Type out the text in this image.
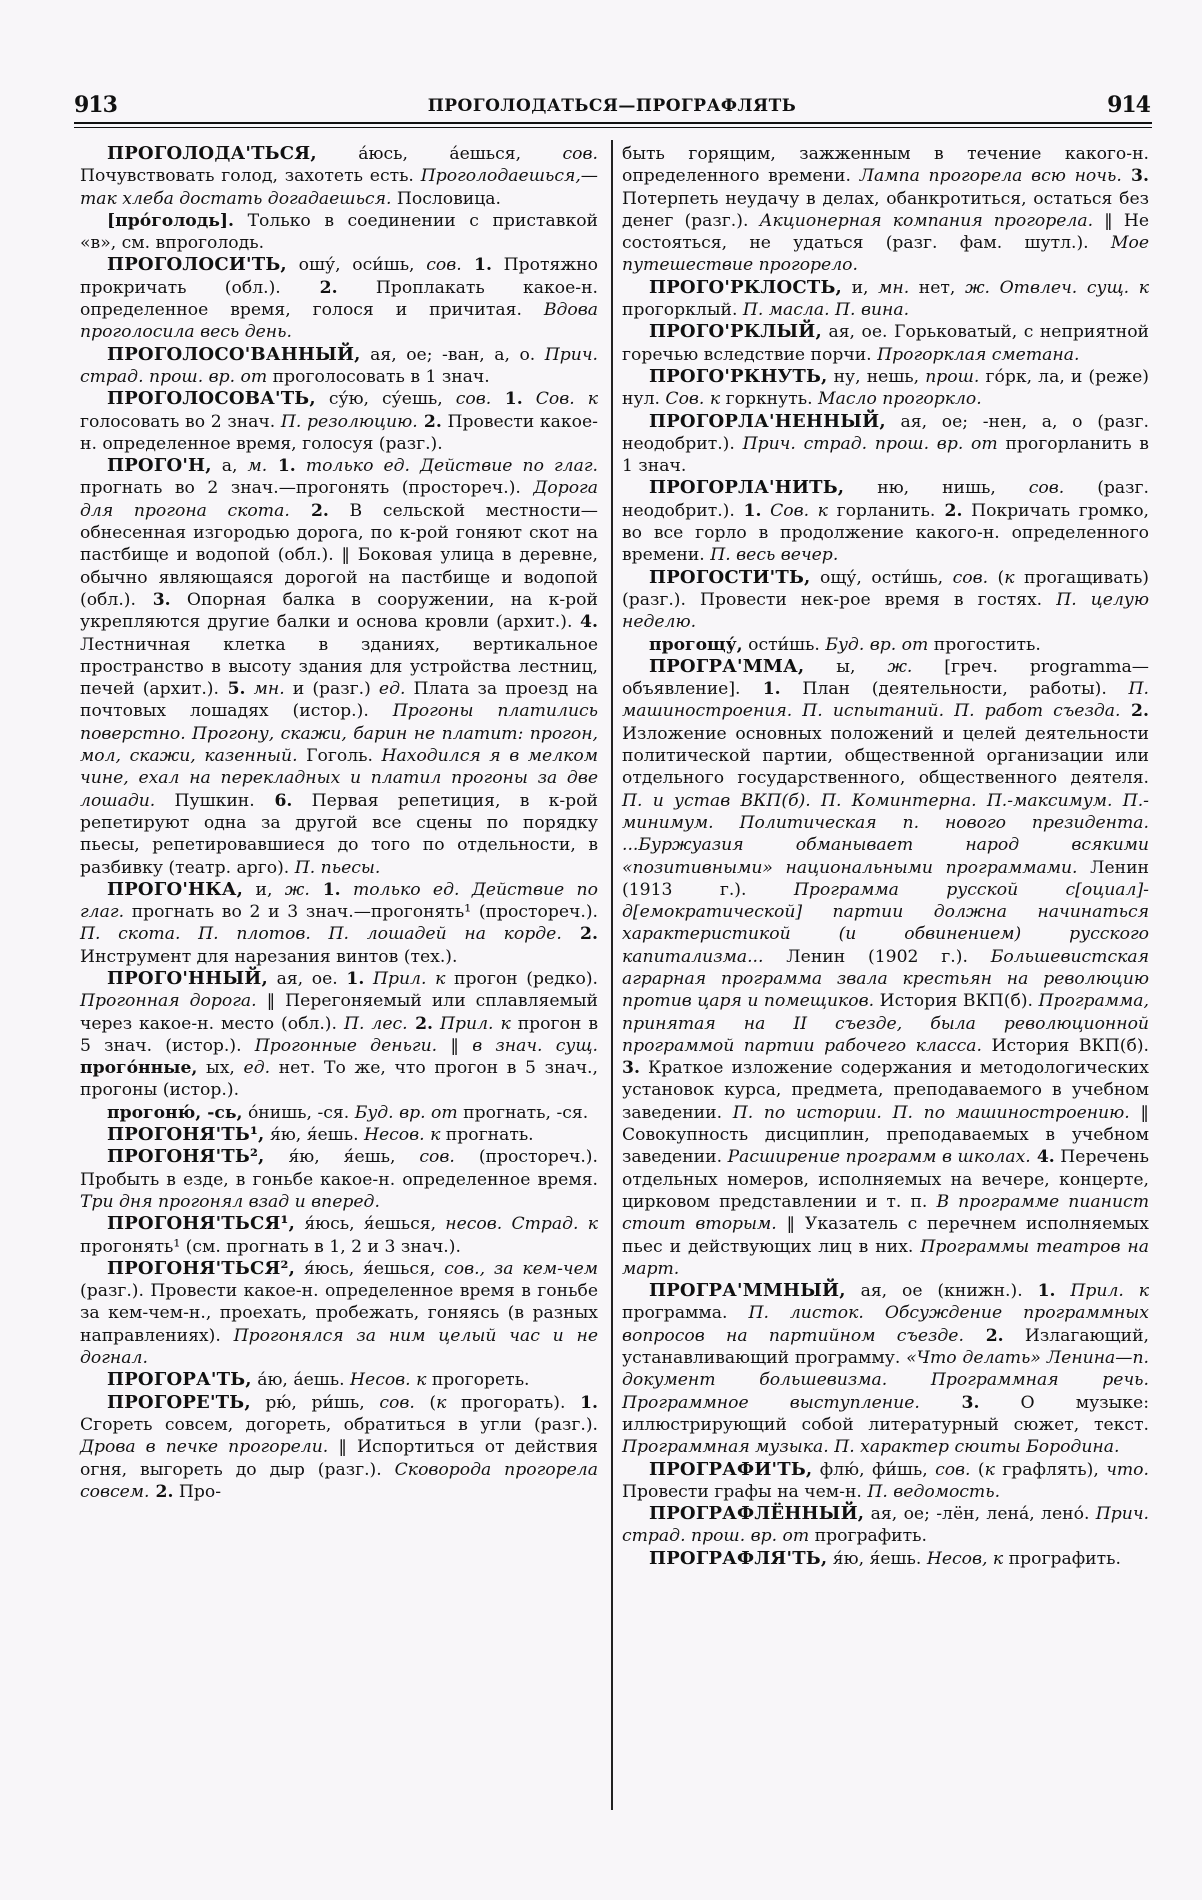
913	ПРОГОЛОДАТЬСЯ—ПРОГРАФЛЯТЬ	914

ПРОГОЛОДА'ТЬСЯ, а́юсь, а́ешься, сов. Почувствовать голод, захотеть есть. Проголодаешься,—так хлеба достать догадаешься. Пословица.

[про́голодь]. Только в соединении с приставкой «в», см. впроголодь.

ПРОГОЛОСИ'ТЬ, ошу́, оси́шь, сов. 1. Протяжно прокричать (обл.). 2. Проплакать какое-н. определенное время, голося и причитая. Вдова проголосила весь день.

ПРОГОЛОСО'ВАННЫЙ, ая, ое; -ван, а, о. Прич. страд. прош. вр. от проголосовать в 1 знач.

ПРОГОЛОСОВА'ТЬ, су́ю, су́ешь, сов. 1. Сов. к голосовать во 2 знач. П. резолюцию. 2. Провести какое-н. определенное время, голосуя (разг.).

ПРОГО'Н, а, м. 1. только ед. Действие по глаг. прогнать во 2 знач.—прогонять (простореч.). Дорога для прогона скота. 2. В сельской местности—обнесенная изгородью дорога, по к-рой гоняют скот на пастбище и водопой (обл.). ‖ Боковая улица в деревне, обычно являющаяся дорогой на пастбище и водопой (обл.). 3. Опорная балка в сооружении, на к-рой укрепляются другие балки и основа кровли (архит.). 4. Лестничная клетка в зданиях, вертикальное пространство в высоту здания для устройства лестниц, печей (архит.). 5. мн. и (разг.) ед. Плата за проезд на почтовых лошадях (истор.). Прогоны платились поверстно. Прогону, скажи, барин не платит: прогон, мол, скажи, казенный. Гоголь. Находился я в мелком чине, ехал на перекладных и платил прогоны за две лошади. Пушкин. 6. Первая репетиция, в к-рой репетируют одна за другой все сцены по порядку пьесы, репетировавшиеся до того по отдельности, в разбивку (театр. арго). П. пьесы.

ПРОГО'НКА, и, ж. 1. только ед. Действие по глаг. прогнать во 2 и 3 знач.—прогонять¹ (простореч.). П. скота. П. плотов. П. лошадей на корде. 2. Инструмент для нарезания винтов (тех.).

ПРОГО'ННЫЙ, ая, ое. 1. Прил. к прогон (редко). Прогонная дорога. ‖ Перегоняемый или сплавляемый через какое-н. место (обл.). П. лес. 2. Прил. к прогон в 5 знач. (истор.). Прогонные деньги. ‖ в знач. сущ. прого́нные, ых, ед. нет. То же, что прогон в 5 знач., прогоны (истор.).

прогоню́, -сь, о́нишь, -ся. Буд. вр. от прогнать, -ся.

ПРОГОНЯ'ТЬ¹, я́ю, я́ешь. Несов. к прогнать.

ПРОГОНЯ'ТЬ², я́ю, я́ешь, сов. (простореч.). Пробыть в езде, в гоньбе какое-н. определенное время. Три дня прогонял взад и вперед.

ПРОГОНЯ'ТЬСЯ¹, я́юсь, я́ешься, несов. Страд. к прогонять¹ (см. прогнать в 1, 2 и 3 знач.).

ПРОГОНЯ'ТЬСЯ², я́юсь, я́ешься, сов., за кем-чем (разг.). Провести какое-н. определенное время в гоньбе за кем-чем-н., проехать, пробежать, гоняясь (в разных направлениях). Прогонялся за ним целый час и не догнал.

ПРОГОРА'ТЬ, а́ю, а́ешь. Несов. к прогореть.

ПРОГОРЕ'ТЬ, рю́, ри́шь, сов. (к прогорать). 1. Сгореть совсем, догореть, обратиться в угли (разг.). Дрова в печке прогорели. ‖ Испортиться от действия огня, выгореть до дыр (разг.). Сковорода прогорела совсем. 2. Про-

быть горящим, зажженным в течение какого-н. определенного времени. Лампа прогорела всю ночь. 3. Потерпеть неудачу в делах, обанкротиться, остаться без денег (разг.). Акционерная компания прогорела. ‖ Не состояться, не удаться (разг. фам. шутл.). Мое путешествие прогорело.

ПРОГО'РКЛОСТЬ, и, мн. нет, ж. Отвлеч. сущ. к прогорклый. П. масла. П. вина.

ПРОГО'РКЛЫЙ, ая, ое. Горьковатый, с неприятной горечью вследствие порчи. Прогорклая сметана.

ПРОГО'РКНУТЬ, ну, нешь, прош. го́рк, ла, и (реже) нул. Сов. к горкнуть. Масло прогоркло.

ПРОГОРЛА'НЕННЫЙ, ая, ое; -нен, а, о (разг. неодобрит.). Прич. страд. прош. вр. от прогорланить в 1 знач.

ПРОГОРЛА'НИТЬ, ню, нишь, сов. (разг. неодобрит.). 1. Сов. к горланить. 2. Покричать громко, во все горло в продолжение какого-н. определенного времени. П. весь вечер.

ПРОГОСТИ'ТЬ, ощу́, ости́шь, сов. (к прогащивать) (разг.). Провести нек-рое время в гостях. П. целую неделю.

прогощу́, ости́шь. Буд. вр. от прогостить.

ПРОГРА'ММА, ы, ж. [греч. programma—объявление]. 1. План (деятельности, работы). П. машиностроения. П. испытаний. П. работ съезда. 2. Изложение основных положений и целей деятельности политической партии, общественной организации или отдельного государственного, общественного деятеля. П. и устав ВКП(б). П. Коминтерна. П.-максимум. П.-минимум. Политическая п. нового президента. ...Буржуазия обманывает народ всякими «позитивными» национальными программами. Ленин (1913 г.). Программа русской с[оциал]-д[емократической] партии должна начинаться характеристикой (и обвинением) русского капитализма... Ленин (1902 г.). Большевистская аграрная программа звала крестьян на революцию против царя и помещиков. История ВКП(б). Программа, принятая на II съезде, была революционной программой партии рабочего класса. История ВКП(б). 3. Краткое изложение содержания и методологических установок курса, предмета, преподаваемого в учебном заведении. П. по истории. П. по машиностроению. ‖ Совокупность дисциплин, преподаваемых в учебном заведении. Расширение программ в школах. 4. Перечень отдельных номеров, исполняемых на вечере, концерте, цирковом представлении и т. п. В программе пианист стоит вторым. ‖ Указатель с перечнем исполняемых пьес и действующих лиц в них. Программы театров на март.

ПРОГРА'ММНЫЙ, ая, ое (книжн.). 1. Прил. к программа. П. листок. Обсуждение программных вопросов на партийном съезде. 2. Излагающий, устанавливающий программу. «Что делать» Ленина—п. документ большевизма. Программная речь. Программное выступление. 3. О музыке: иллюстрирующий собой литературный сюжет, текст. Программная музыка. П. характер сюиты Бородина.

ПРОГРАФИ'ТЬ, флю́, фи́шь, сов. (к графлять), что. Провести графы на чем-н. П. ведомость.

ПРОГРАФЛЁННЫЙ, ая, ое; -лён, лена́, лено́. Прич. страд. прош. вр. от прографить.

ПРОГРАФЛЯ'ТЬ, я́ю, я́ешь. Несов, к прографить.
